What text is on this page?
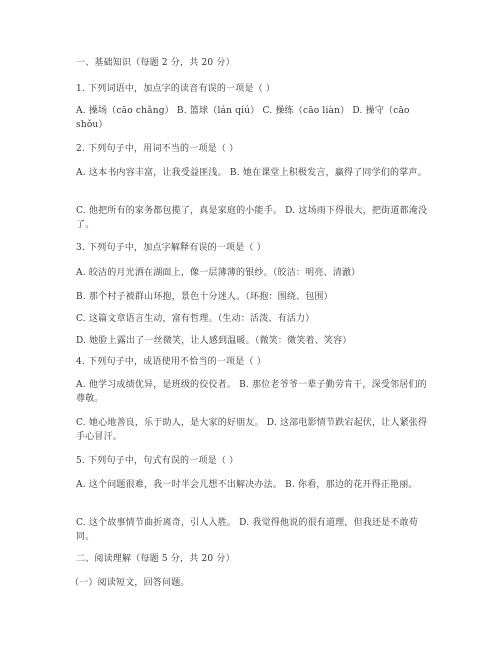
一、基础知识（每题 2 分，共 20 分）
1. 下列词语中，加点字的读音有误的一项是（ ）
A. 操场（cāo chǎng） B. 篮球（lán qiú） C. 操练（cāo liàn） D. 操守（cāo shǒu）
2. 下列句子中，用词不当的一项是（ ）
A. 这本书内容丰富，让我受益匪浅。 B. 她在课堂上积极发言，赢得了同学们的掌声。
C. 他把所有的家务都包揽了，真是家庭的小能手。 D. 这场雨下得很大，把街道都淹没了。
3. 下列句子中，加点字解释有误的一项是（ ）
A. 皎洁的月光洒在湖面上，像一层薄薄的银纱。（皎洁：明亮、清澈）
B. 那个村子被群山环抱，景色十分迷人。（环抱：围绕、包围）
C. 这篇文章语言生动，富有哲理。（生动：活泼、有活力）
D. 她脸上露出了一丝微笑，让人感到温暖。（微笑：微笑着、笑容）
4. 下列句子中，成语使用不恰当的一项是（ ）
A. 他学习成绩优异，是班级的佼佼者。 B. 那位老爷爷一辈子勤劳肯干，深受邻居们的尊敬。
C. 她心地善良，乐于助人，是大家的好朋友。 D. 这部电影情节跌宕起伏，让人紧张得手心冒汗。
5. 下列句子中，句式有误的一项是（ ）
A. 这个问题很难，我一时半会儿想不出解决办法。 B. 你看，那边的花开得正艳丽。
C. 这个故事情节曲折离奇，引人入胜。 D. 我觉得他说的很有道理，但我还是不敢苟同。
二、阅读理解（每题 5 分，共 20 分）
（一）阅读短文，回答问题。
